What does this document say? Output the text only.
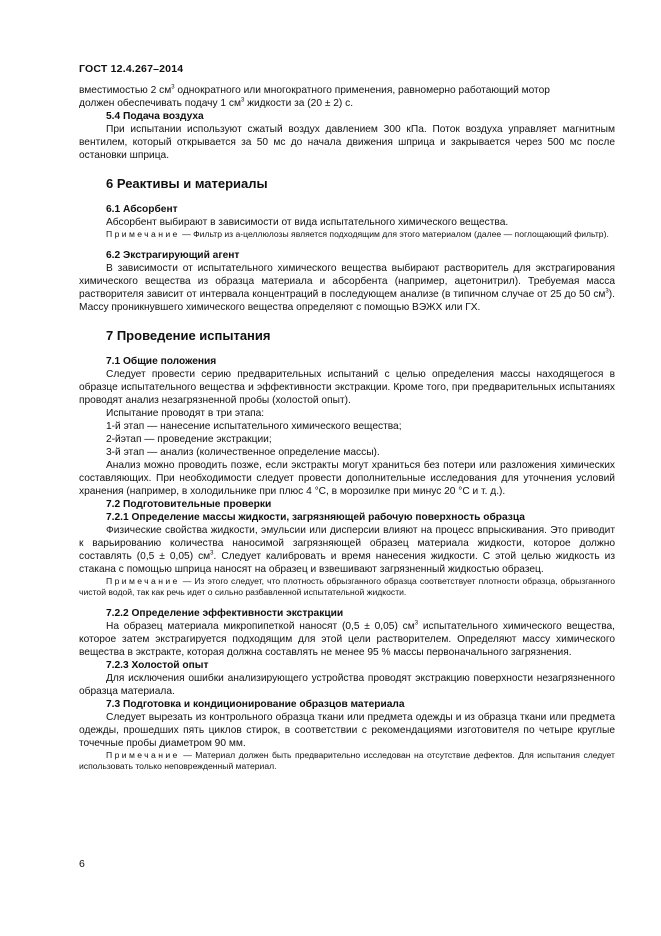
ГОСТ 12.4.267–2014

вместимостью 2 $см^3$ однократного или многократного применения, равномерно работающий мотор
должен обеспечивать подачу 1 $см^3$ жидкости за (20 ± 2) с.

5.4 Подача воздуха

При испытании используют сжатый воздух давлением 300 кПа. Поток воздуха управляет магнитным вентилем, который открывается за 50 мс до начала движения шприца и закрывается через 500 мс после остановки шприца.

6 Реактивы и материалы

6.1 Абсорбент

Абсорбент выбирают в зависимости от вида испытательного химического вещества.

Примечание — Фильтр из а-целлюлозы является подходящим для этого материалом (далее — поглощающий фильтр).

6.2 Экстрагирующий агент

В зависимости от испытательного химического вещества выбирают растворитель для экстрагирования химического вещества из образца материала и абсорбента (например, ацетонитрил). Требуемая масса растворителя зависит от интервала концентраций в последующем анализе (в типичном случае от 25 до 50 $см^3$). Массу проникнувшего химического вещества определяют с помощью ВЭЖХ или ГХ.

7 Проведение испытания

7.1 Общие положения

Следует провести серию предварительных испытаний с целью определения массы находящегося в образце испытательного вещества и эффективности экстракции. Кроме того, при предварительных испытаниях проводят анализ незагрязненной пробы (холостой опыт).

Испытание проводят в три этапа:

1-й этап — нанесение испытательного химического вещества;

2-йэтап — проведение экстракции;

3-й этап — анализ (количественное определение массы).

Анализ можно проводить позже, если экстракты могут храниться без потери или разложения химических составляющих. При необходимости следует провести дополнительные исследования для уточнения условий хранения (например, в холодильнике при плюс 4 °С, в морозилке при минус 20 °С и т. д.).

7.2 Подготовительные проверки

7.2.1 Определение массы жидкости, загрязняющей рабочую поверхность образца

Физические свойства жидкости, эмульсии или дисперсии влияют на процесс впрыскивания. Это приводит к варьированию количества наносимой загрязняющей образец материала жидкости, которое должно составлять (0,5 ± 0,05) $см^3$. Следует калибровать и время нанесения жидкости. С этой целью жидкость из стакана с помощью шприца наносят на образец и взвешивают загрязненный жидкостью образец.

Примечание — Из этого следует, что плотность обрызганного образца соответствует плотности образца, обрызганного чистой водой, так как речь идет о сильно разбавленной испытательной жидкости.

7.2.2 Определение эффективности экстракции

На образец материала микропипеткой наносят (0,5 ± 0,05) $см^3$ испытательного химического вещества, которое затем экстрагируется подходящим для этой цели растворителем. Определяют массу химического вещества в экстракте, которая должна составлять не менее 95 % массы первоначального загрязнения.

7.2.3 Холостой опыт

Для исключения ошибки анализирующего устройства проводят экстракцию поверхности незагрязненного образца материала.

7.3 Подготовка и кондиционирование образцов материала

Следует вырезать из контрольного образца ткани или предмета одежды и из образца ткани или предмета одежды, прошедших пять циклов стирок, в соответствии с рекомендациями изготовителя по четыре круглые точечные пробы диаметром 90 мм.

Примечание — Материал должен быть предварительно исследован на отсутствие дефектов. Для испытания следует использовать только неповрежденный материал.

6
